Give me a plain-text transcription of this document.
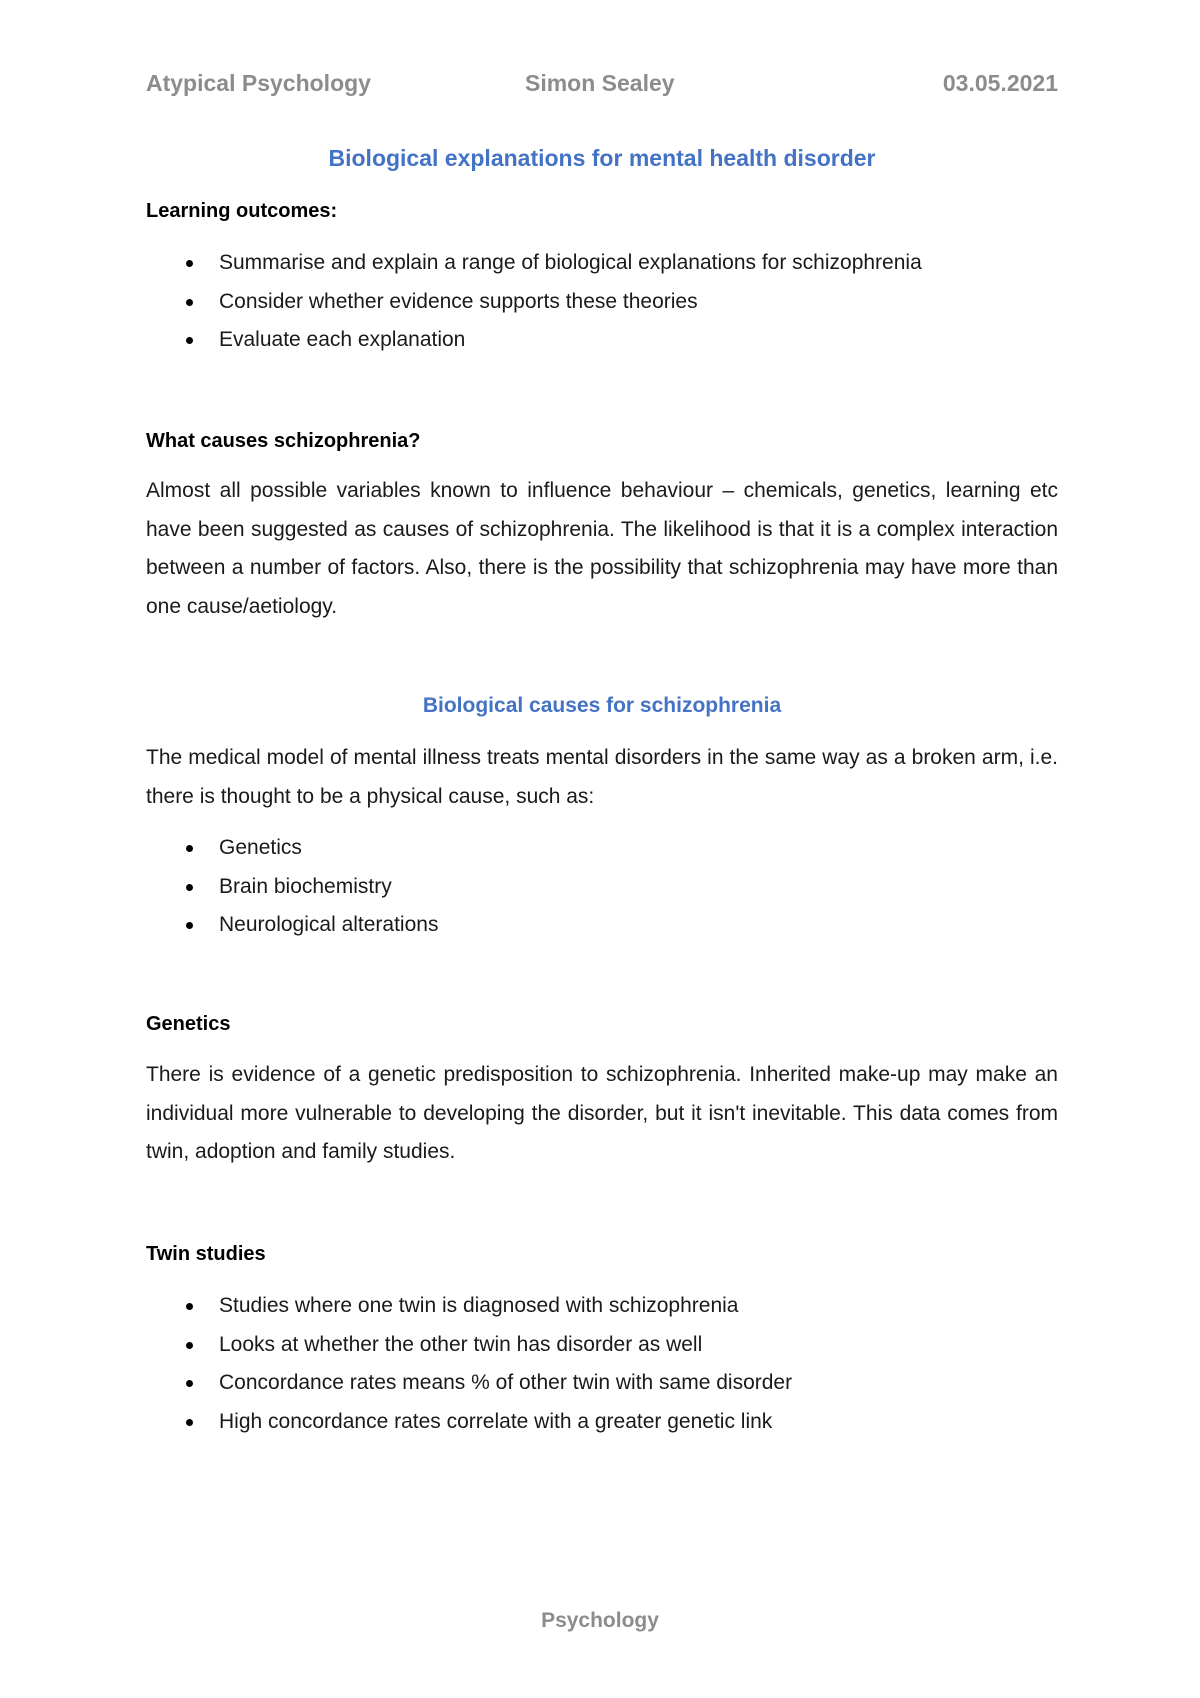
Atypical Psychology	Simon Sealey	03.05.2021
Biological explanations for mental health disorder
Learning outcomes:
Summarise and explain a range of biological explanations for schizophrenia
Consider whether evidence supports these theories
Evaluate each explanation
What causes schizophrenia?

Almost all possible variables known to influence behaviour – chemicals, genetics, learning etc have been suggested as causes of schizophrenia. The likelihood is that it is a complex interaction between a number of factors. Also, there is the possibility that schizophrenia may have more than one cause/aetiology.

Biological causes for schizophrenia

The medical model of mental illness treats mental disorders in the same way as a broken arm, i.e. there is thought to be a physical cause, such as:

Genetics
Brain biochemistry
Neurological alterations
Genetics

There is evidence of a genetic predisposition to schizophrenia. Inherited make-up may make an individual more vulnerable to developing the disorder, but it isn't inevitable. This data comes from twin, adoption and family studies.

Twin studies
Studies where one twin is diagnosed with schizophrenia
Looks at whether the other twin has disorder as well
Concordance rates means % of other twin with same disorder
High concordance rates correlate with a greater genetic link
Psychology
